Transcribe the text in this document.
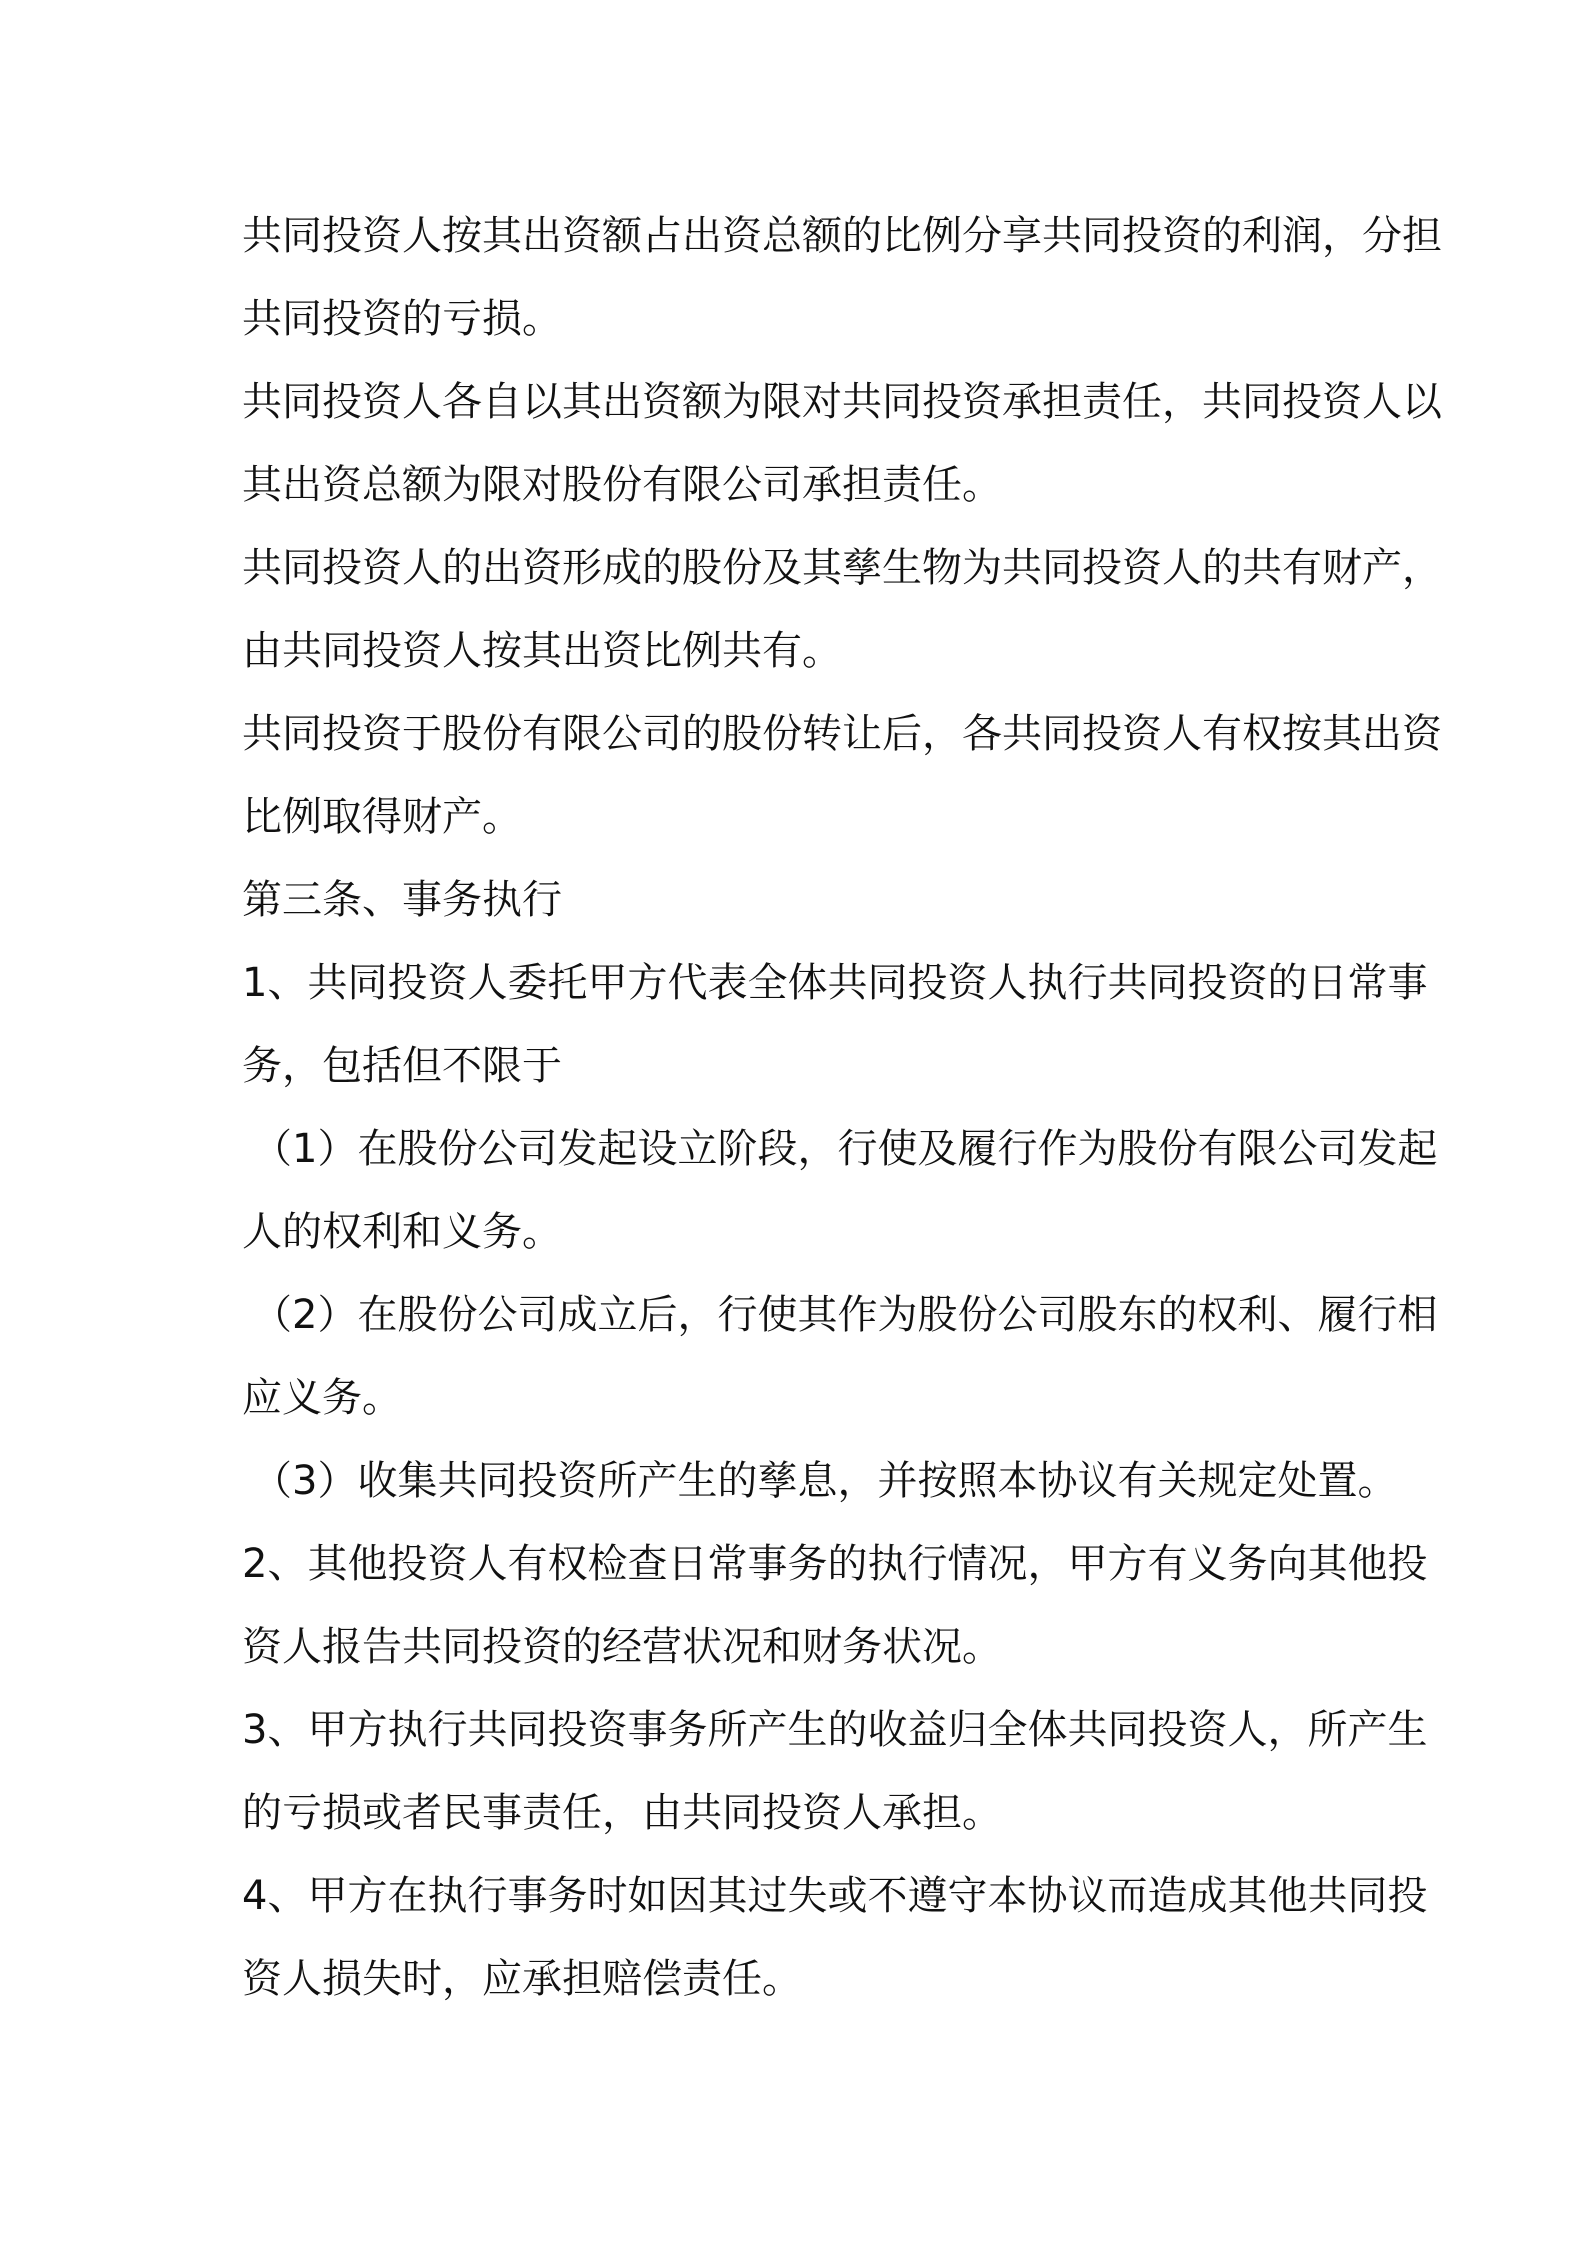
共同投资人按其出资额占出资总额的比例分享共同投资的利润，分担

共同投资的亏损。

共同投资人各自以其出资额为限对共同投资承担责任，共同投资人以

其出资总额为限对股份有限公司承担责任。

共同投资人的出资形成的股份及其孳生物为共同投资人的共有财产，

由共同投资人按其出资比例共有。

共同投资于股份有限公司的股份转让后，各共同投资人有权按其出资

比例取得财产。

第三条、事务执行

1、共同投资人委托甲方代表全体共同投资人执行共同投资的日常事

务，包括但不限于

（1）在股份公司发起设立阶段，行使及履行作为股份有限公司发起

人的权利和义务。

（2）在股份公司成立后，行使其作为股份公司股东的权利、履行相

应义务。

（3）收集共同投资所产生的孳息，并按照本协议有关规定处置。

2、其他投资人有权检查日常事务的执行情况，甲方有义务向其他投

资人报告共同投资的经营状况和财务状况。

3、甲方执行共同投资事务所产生的收益归全体共同投资人，所产生

的亏损或者民事责任，由共同投资人承担。

4、甲方在执行事务时如因其过失或不遵守本协议而造成其他共同投

资人损失时，应承担赔偿责任。
